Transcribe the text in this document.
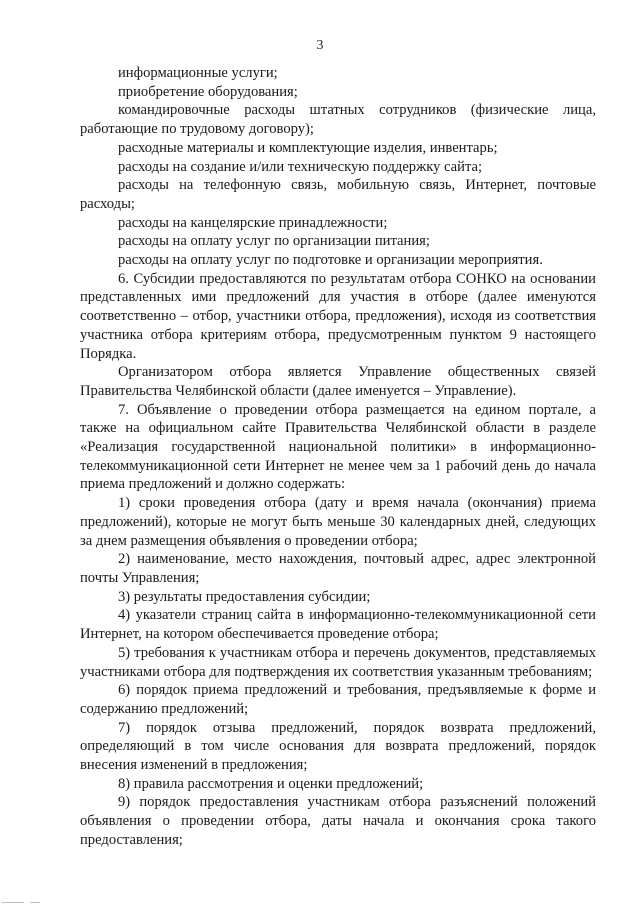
3

информационные услуги;

приобретение оборудования;

командировочные расходы штатных сотрудников (физические лица, работающие по трудовому договору);

расходные материалы и комплектующие изделия, инвентарь;

расходы на создание и/или техническую поддержку сайта;

расходы на телефонную связь, мобильную связь, Интернет, почтовые расходы;

расходы на канцелярские принадлежности;

расходы на оплату услуг по организации питания;

расходы на оплату услуг по подготовке и организации мероприятия.

6. Субсидии предоставляются по результатам отбора СОНКО на основании представленных ими предложений для участия в отборе (далее именуются соответственно – отбор, участники отбора, предложения), исходя из соответствия участника отбора критериям отбора, предусмотренным пунктом 9 настоящего Порядка.

Организатором отбора является Управление общественных связей Правительства Челябинской области (далее именуется – Управление).

7. Объявление о проведении отбора размещается на едином портале, а также на официальном сайте Правительства Челябинской области в разделе «Реализация государственной национальной политики» в информационно-телекоммуникационной сети Интернет не менее чем за 1 рабочий день до начала приема предложений и должно содержать:

1) сроки проведения отбора (дату и время начала (окончания) приема предложений), которые не могут быть меньше 30 календарных дней, следующих за днем размещения объявления о проведении отбора;

2) наименование, место нахождения, почтовый адрес, адрес электронной почты Управления;

3) результаты предоставления субсидии;

4) указатели страниц сайта в информационно-телекоммуникационной сети Интернет, на котором обеспечивается проведение отбора;

5) требования к участникам отбора и перечень документов, представляемых участниками отбора для подтверждения их соответствия указанным требованиям;

6) порядок приема предложений и требования, предъявляемые к форме и содержанию предложений;

7) порядок отзыва предложений, порядок возврата предложений, определяющий в том числе основания для возврата предложений, порядок внесения изменений в предложения;

8) правила рассмотрения и оценки предложений;

9) порядок предоставления участникам отбора разъяснений положений объявления о проведении отбора, даты начала и окончания срока такого предоставления;
